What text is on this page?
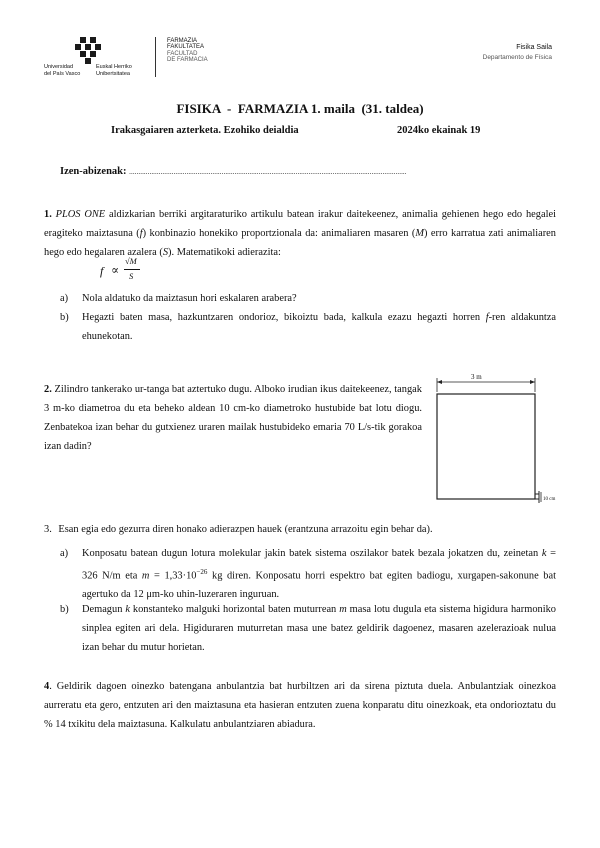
Universidad
del País Vasco
Euskal Herriko
Unibertsitatea
FARMAZIA
FAKULTATEA
FACULTAD
DE FARMACIA
Fisika Saila
Departamento de Física
FISIKA  -  FARMAZIA 1. maila  (31. taldea)
Irakasgaiaren azterketa. Ezohiko deialdia	2024ko ekainak 19
Izen-abizenak: ......................................................................................................................................................

1. PLOS ONE aldizkarian berriki argitaraturiko artikulu batean irakur daitekeenez, animalia gehienen hego edo hegalei eragiteko maiztasuna (f) konbinazio honekiko proportzionala da: animaliaren masaren (M) erro karratua zati animaliaren hego edo hegalaren azalera (S). Matematikoki adierazita:

f ∝
√M
S
a) Nola aldatuko da maiztasun hori eskalaren arabera?

b) Hegazti baten masa, hazkuntzaren ondorioz, bikoiztu bada, kalkula ezazu hegazti horren f-ren aldakuntza ehunekotan.

2. Zilindro tankerako ur-tanga bat aztertuko dugu. Alboko irudian ikus daitekeenez, tangak 3 m-ko diametroa du eta beheko aldean 10 cm-ko diametroko hustubide bat lotu diogu. Zenbatekoa izan behar du gutxienez uraren mailak hustubideko emaria 70 L/s-tik gorakoa izan dadin?

3 m
10 cm
3. Esan egia edo gezurra diren honako adierazpen hauek (erantzuna arrazoitu egin behar da).
a) Konposatu batean dugun lotura molekular jakin batek sistema oszilakor batek bezala jokatzen du, zeinetan k = 326 N/m eta $m = 1,33\cdot 10^{-26}$ kg diren. Konposatu horri espektro bat egiten badiogu, xurgapen-sakonune bat agertuko da 12 μm-ko uhin-luzeraren inguruan.

b) Demagun k konstanteko malguki horizontal baten muturrean m masa lotu dugula eta sistema higidura harmoniko sinplea egiten ari dela. Higiduraren muturretan masa une batez geldirik dagoenez, masaren azelerazioak nulua izan behar du mutur horietan.

4. Geldirik dagoen oinezko batengana anbulantzia bat hurbiltzen ari da sirena piztuta duela. Anbulantziak oinezkoa aurreratu eta gero, entzuten ari den maiztasuna eta hasieran entzuten zuena konparatu ditu oinezkoak, eta ondorioztatu du % 14 txikitu dela maiztasuna. Kalkulatu anbulantziaren abiadura.
